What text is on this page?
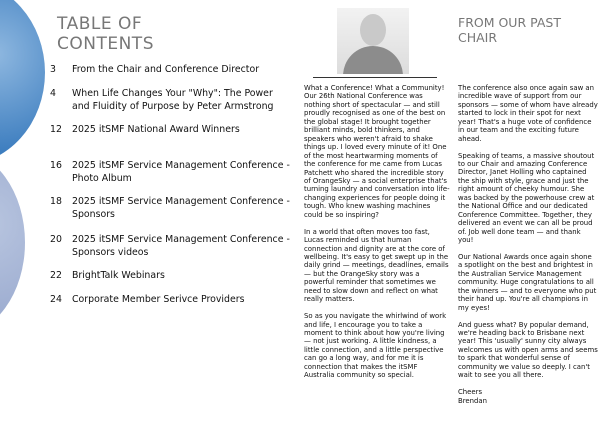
TABLE OF CONTENTS
3	From the Chair and Conference Director
4	When Life Changes Your "Why": The Power and Fluidity of Purpose by Peter Armstrong
12	2025 itSMF National Award Winners
16	2025 itSMF Service Management Conference - Photo Album
18	2025 itSMF Service Management Conference - Sponsors
20	2025 itSMF Service Management Conference - Sponsors videos
22	BrightTalk Webinars
24	Corporate Member Serivce Providers
FROM OUR PAST CHAIR

What a Conference! What a Community! Our 26th National Conference was nothing short of spectacular — and still proudly recognised as one of the best on the global stage! It brought together brilliant minds, bold thinkers, and speakers who weren't afraid to shake things up. I loved every minute of it! One of the most heartwarming moments of the conference for me came from Lucas Patchett who shared the incredible story of OrangeSky — a social enterprise that's turning laundry and conversation into life-changing experiences for people doing it tough. Who knew washing machines could be so inspiring?

In a world that often moves too fast, Lucas reminded us that human connection and dignity are at the core of wellbeing. It's easy to get swept up in the daily grind — meetings, deadlines, emails — but the OrangeSky story was a powerful reminder that sometimes we need to slow down and reflect on what really matters.

So as you navigate the whirlwind of work and life, I encourage you to take a moment to think about how you're living — not just working. A little kindness, a little connection, and a little perspective can go a long way, and for me it is connection that makes the itSMF Australia community so special.

The conference also once again saw an incredible wave of support from our sponsors — some of whom have already started to lock in their spot for next year! That's a huge vote of confidence in our team and the exciting future ahead.

Speaking of teams, a massive shoutout to our Chair and amazing Conference Director, Janet Holling who captained the ship with style, grace and just the right amount of cheeky humour. She was backed by the powerhouse crew at the National Office and our dedicated Conference Committee. Together, they delivered an event we can all be proud of. Job well done team — and thank you!

Our National Awards once again shone a spotlight on the best and brightest in the Australian Service Management community. Huge congratulations to all the winners — and to everyone who put their hand up. You're all champions in my eyes!

And guess what? By popular demand, we're heading back to Brisbane next year! This 'usually' sunny city always welcomes us with open arms and seems to spark that wonderful sense of community we value so deeply. I can't wait to see you all there.

Cheers
Brendan
